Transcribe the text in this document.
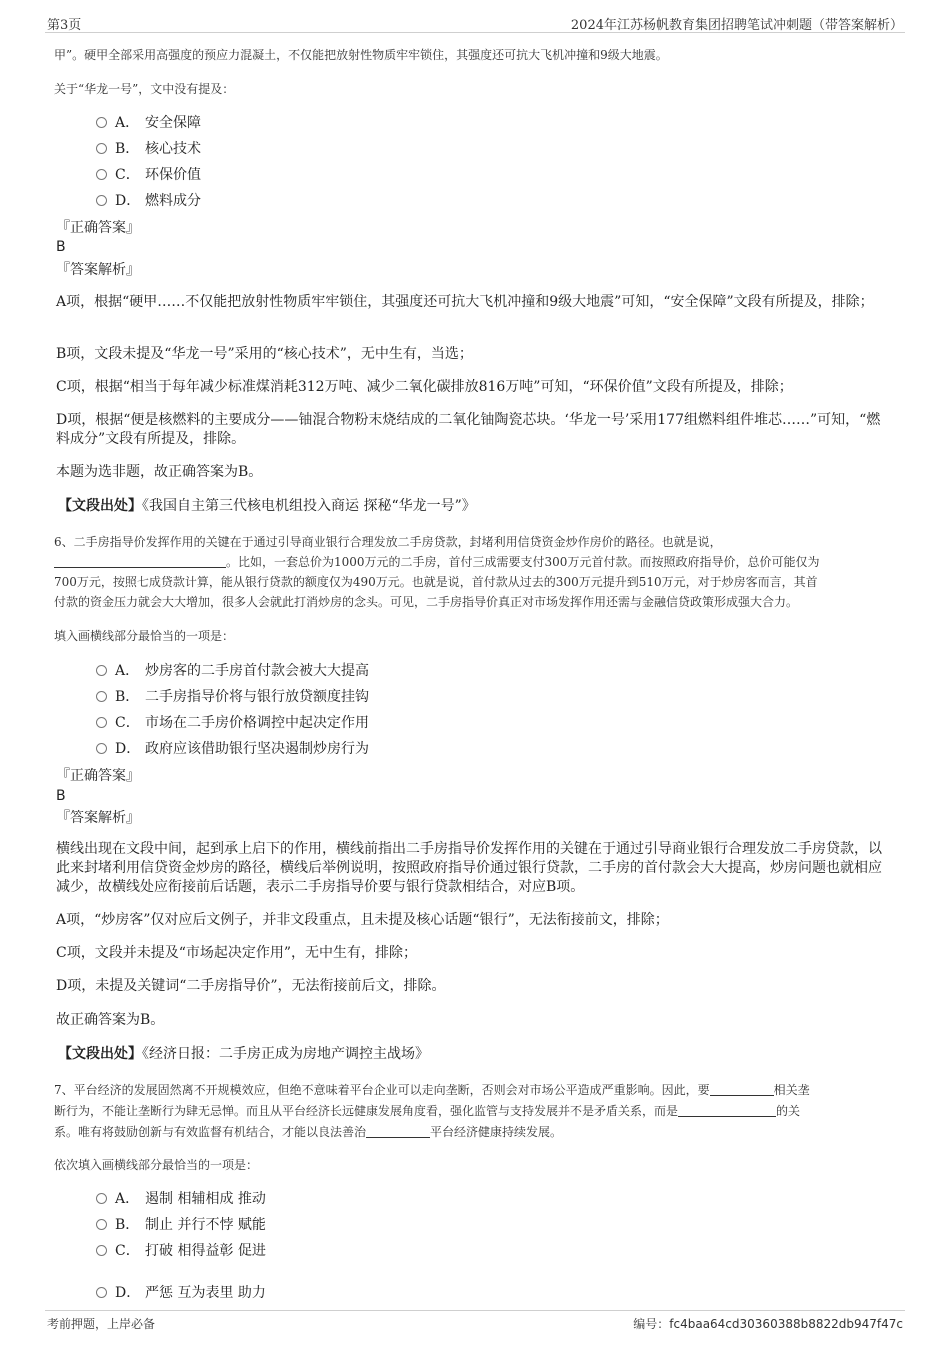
第3页	2024年江苏杨帆教育集团招聘笔试冲刺题（带答案解析）
甲”。硬甲全部采用高强度的预应力混凝土，不仅能把放射性物质牢牢锁住，其强度还可抗大飞机冲撞和9级大地震。
关于“华龙一号”，文中没有提及：
A． 安全保障
B． 核心技术
C． 环保价值
D． 燃料成分
『正确答案』
B
『答案解析』
A项，根据“硬甲……不仅能把放射性物质牢牢锁住，其强度还可抗大飞机冲撞和9级大地震”可知，“安全保障”文段有所提及，排除；
B项，文段未提及“华龙一号”采用的“核心技术”，无中生有，当选；
C项，根据“相当于每年减少标准煤消耗312万吨、减少二氧化碳排放816万吨”可知，“环保价值”文段有所提及，排除；
D项，根据“便是核燃料的主要成分——铀混合物粉末烧结成的二氧化铀陶瓷芯块。‘华龙一号’采用177组燃料组件堆芯……”可知，“燃料成分”文段有所提及，排除。
本题为选非题，故正确答案为B。
【文段出处】《我国自主第三代核电机组投入商运 探秘“华龙一号”》
6、二手房指导价发挥作用的关键在于通过引导商业银行合理发放二手房贷款，封堵利用信贷资金炒作房价的路径。也就是说，
。比如，一套总价为1000万元的二手房，首付三成需要支付300万元首付款。而按照政府指导价，总价可能仅为
700万元，按照七成贷款计算，能从银行贷款的额度仅为490万元。也就是说，首付款从过去的300万元提升到510万元，对于炒房客而言，其首
付款的资金压力就会大大增加，很多人会就此打消炒房的念头。可见，二手房指导价真正对市场发挥作用还需与金融信贷政策形成强大合力。
填入画横线部分最恰当的一项是：
A． 炒房客的二手房首付款会被大大提高
B． 二手房指导价将与银行放贷额度挂钩
C． 市场在二手房价格调控中起决定作用
D． 政府应该借助银行坚决遏制炒房行为
『正确答案』
B
『答案解析』
横线出现在文段中间，起到承上启下的作用，横线前指出二手房指导价发挥作用的关键在于通过引导商业银行合理发放二手房贷款，以此来封堵利用信贷资金炒房的路径，横线后举例说明，按照政府指导价通过银行贷款，二手房的首付款会大大提高，炒房问题也就相应减少，故横线处应衔接前后话题，表示二手房指导价要与银行贷款相结合，对应B项。
A项，“炒房客”仅对应后文例子，并非文段重点，且未提及核心话题“银行”，无法衔接前文，排除；
C项，文段并未提及“市场起决定作用”，无中生有，排除；
D项，未提及关键词“二手房指导价”，无法衔接前后文，排除。
故正确答案为B。
【文段出处】《经济日报：二手房正成为房地产调控主战场》
7、平台经济的发展固然离不开规模效应，但绝不意味着平台企业可以走向垄断，否则会对市场公平造成严重影响。因此，要	相关垄
断行为，不能让垄断行为肆无忌惮。而且从平台经济长远健康发展角度看，强化监管与支持发展并不是矛盾关系，而是	的关
系。唯有将鼓励创新与有效监督有机结合，才能以良法善治	平台经济健康持续发展。
依次填入画横线部分最恰当的一项是：
A． 遏制 相辅相成 推动
B． 制止 并行不悖 赋能
C． 打破 相得益彰 促进
D． 严惩 互为表里 助力
考前押题，上岸必备	编号：fc4baa64cd30360388b8822db947f47c
